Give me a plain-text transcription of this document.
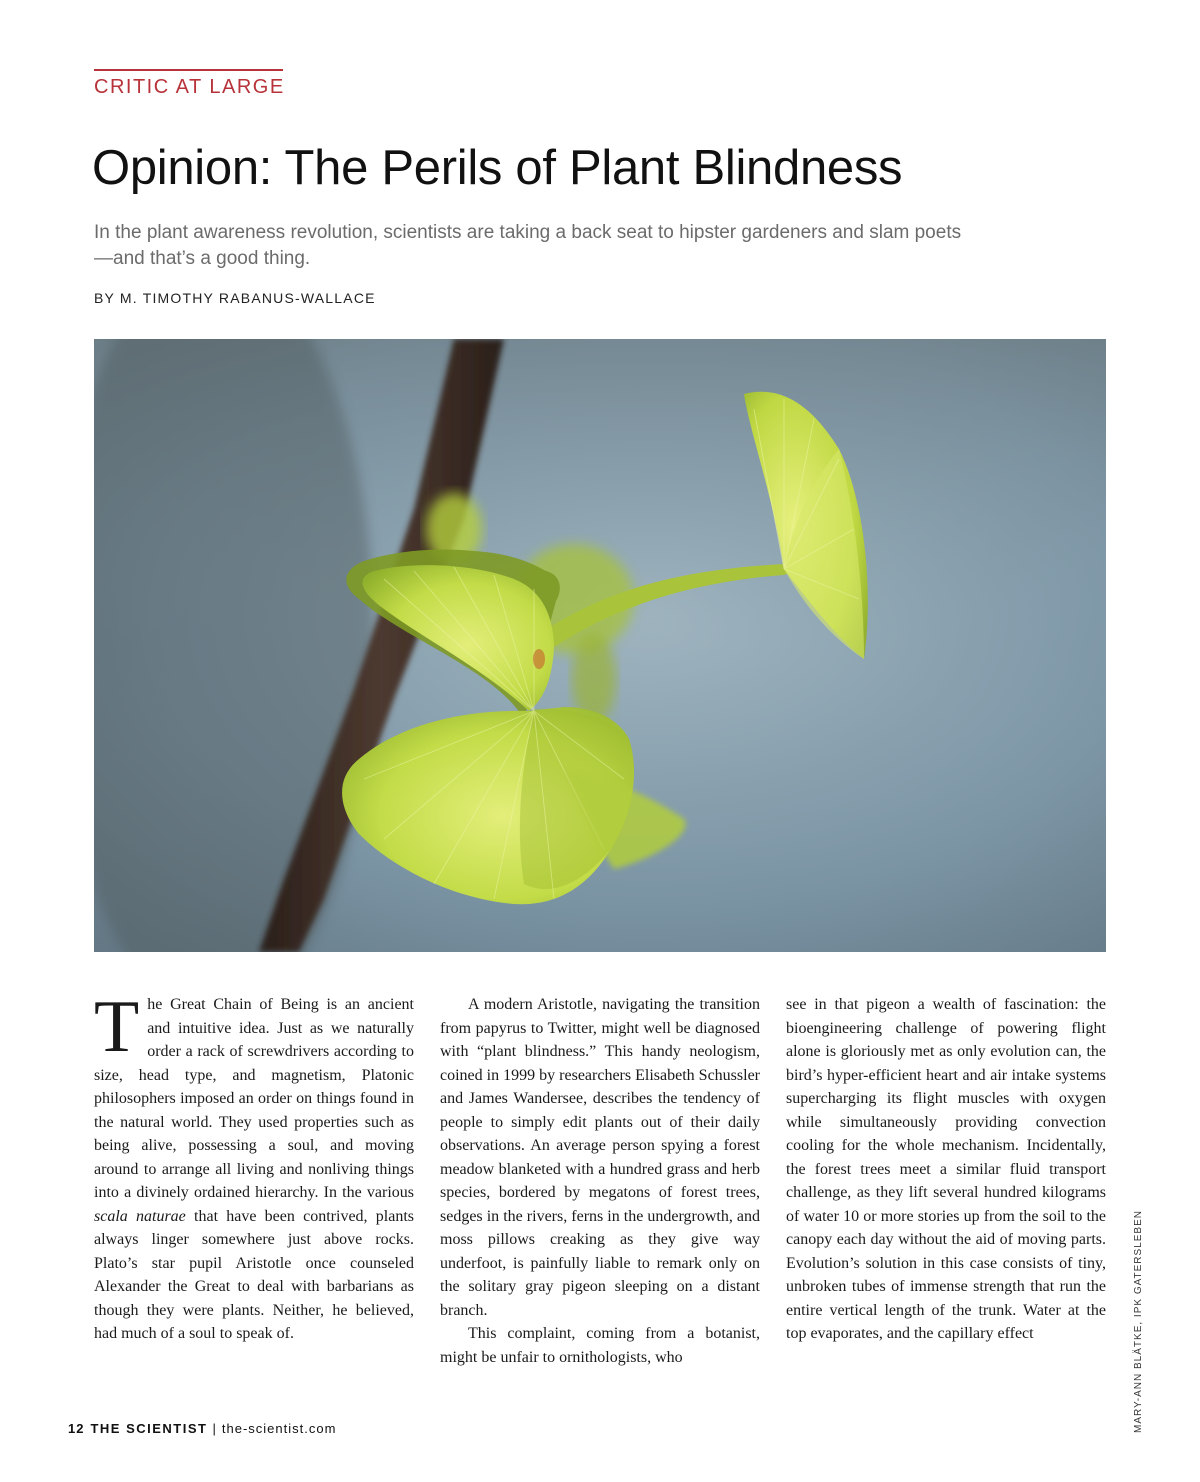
CRITIC AT LARGE
Opinion: The Perils of Plant Blindness

In the plant awareness revolution, scientists are taking a back seat to hipster gardeners and slam poets—and that’s a good thing.

BY M. TIMOTHY RABANUS-WALLACE
MARY-ANN BLÄTKE, IPK GATERSLEBEN

The Great Chain of Being is an ancient and intuitive idea. Just as we naturally order a rack of screwdrivers according to size, head type, and magnetism, Platonic philosophers imposed an order on things found in the natural world. They used properties such as being alive, possessing a soul, and moving around to arrange all living and nonliving things into a divinely ordained hierarchy. In the various scala naturae that have been contrived, plants always linger somewhere just above rocks. Plato’s star pupil Aristotle once counseled Alexander the Great to deal with barbarians as though they were plants. Neither, he believed, had much of a soul to speak of.

A modern Aristotle, navigating the transition from papyrus to Twitter, might well be diagnosed with “plant blindness.” This handy neologism, coined in 1999 by researchers Elisabeth Schussler and James Wandersee, describes the tendency of people to simply edit plants out of their daily observations. An average person spying a forest meadow blanketed with a hundred grass and herb species, bordered by megatons of forest trees, sedges in the rivers, ferns in the undergrowth, and moss pillows creaking as they give way underfoot, is painfully liable to remark only on the solitary gray pigeon sleeping on a distant branch.

This complaint, coming from a botanist, might be unfair to ornithologists, who

see in that pigeon a wealth of fascination: the bioengineering challenge of powering flight alone is gloriously met as only evolution can, the bird’s hyper-efficient heart and air intake systems supercharging its flight muscles with oxygen while simultaneously providing convection cooling for the whole mechanism. Incidentally, the forest trees meet a similar fluid transport challenge, as they lift several hundred kilograms of water 10 or more stories up from the soil to the canopy each day without the aid of moving parts. Evolution’s solution in this case consists of tiny, unbroken tubes of immense strength that run the entire vertical length of the trunk. Water at the top evaporates, and the capillary effect

12 THE SCIENTIST | the-scientist.com
